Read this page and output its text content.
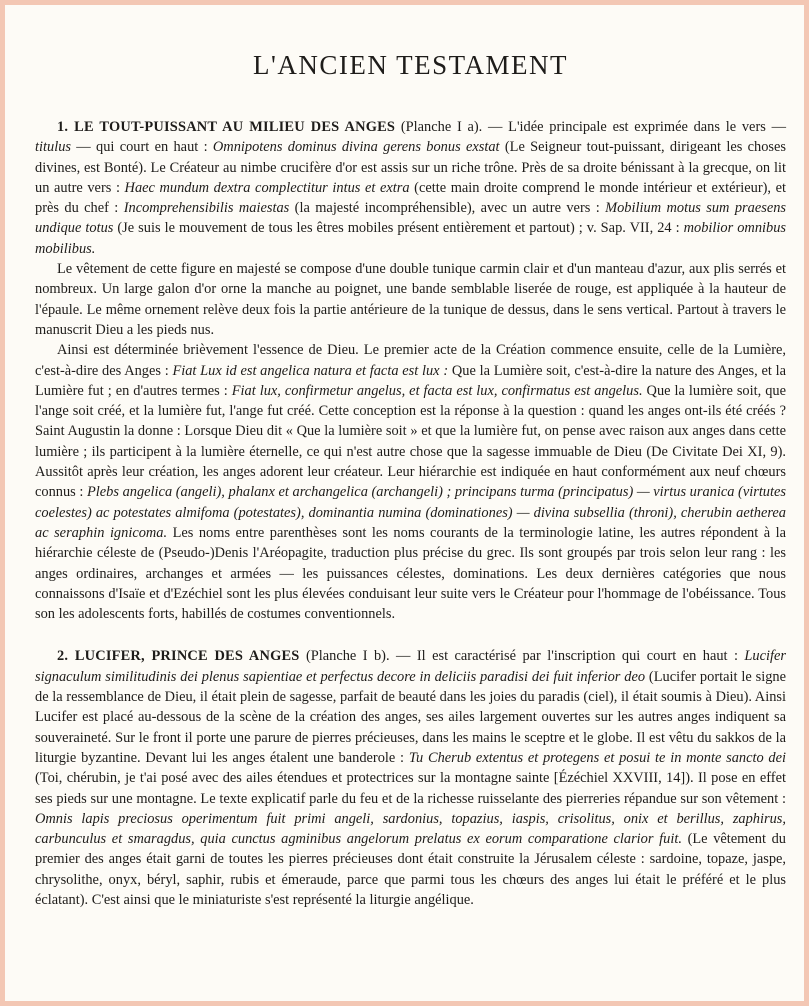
L'ANCIEN TESTAMENT

1. LE TOUT-PUISSANT AU MILIEU DES ANGES (Planche I a). — L'idée principale est exprimée dans le vers — titulus — qui court en haut : Omnipotens dominus divina gerens bonus exstat (Le Seigneur tout-puissant, dirigeant les choses divines, est Bonté). Le Créateur au nimbe crucifère d'or est assis sur un riche trône. Près de sa droite bénissant à la grecque, on lit un autre vers : Haec mundum dextra complectitur intus et extra (cette main droite comprend le monde intérieur et extérieur), et près du chef : Incomprehensibilis maiestas (la majesté incompréhensible), avec un autre vers : Mobilium motus sum praesens undique totus (Je suis le mouvement de tous les êtres mobiles présent entièrement et partout) ; v. Sap. VII, 24 : mobilior omnibus mobilibus.

Le vêtement de cette figure en majesté se compose d'une double tunique carmin clair et d'un manteau d'azur, aux plis serrés et nombreux. Un large galon d'or orne la manche au poignet, une bande semblable liserée de rouge, est appliquée à la hauteur de l'épaule. Le même ornement relève deux fois la partie antérieure de la tunique de dessus, dans le sens vertical. Partout à travers le manuscrit Dieu a les pieds nus.

Ainsi est déterminée brièvement l'essence de Dieu. Le premier acte de la Création commence ensuite, celle de la Lumière, c'est-à-dire des Anges : Fiat Lux id est angelica natura et facta est lux : Que la Lumière soit, c'est-à-dire la nature des Anges, et la Lumière fut ; en d'autres termes : Fiat lux, confirmetur angelus, et facta est lux, confirmatus est angelus. Que la lumière soit, que l'ange soit créé, et la lumière fut, l'ange fut créé. Cette conception est la réponse à la question : quand les anges ont-ils été créés ? Saint Augustin la donne : Lorsque Dieu dit « Que la lumière soit » et que la lumière fut, on pense avec raison aux anges dans cette lumière ; ils participent à la lumière éternelle, ce qui n'est autre chose que la sagesse immuable de Dieu (De Civitate Dei XI, 9). Aussitôt après leur création, les anges adorent leur créateur. Leur hiérarchie est indiquée en haut conformément aux neuf chœurs connus : Plebs angelica (angeli), phalanx et archangelica (archangeli) ; principans turma (principatus) — virtus uranica (virtutes coelestes) ac potestates almifoma (potestates), dominantia numina (dominationes) — divina subsellia (throni), cherubin aetherea ac seraphin ignicoma. Les noms entre parenthèses sont les noms courants de la terminologie latine, les autres répondent à la hiérarchie céleste de (Pseudo-)Denis l'Aréopagite, traduction plus précise du grec. Ils sont groupés par trois selon leur rang : les anges ordinaires, archanges et armées — les puissances célestes, dominations. Les deux dernières catégories que nous connaissons d'Isaïe et d'Ezéchiel sont les plus élevées conduisant leur suite vers le Créateur pour l'hommage de l'obéissance. Tous son les adolescents forts, habillés de costumes conventionnels.

2. LUCIFER, PRINCE DES ANGES (Planche I b). — Il est caractérisé par l'inscription qui court en haut : Lucifer signaculum similitudinis dei plenus sapientiae et perfectus decore in deliciis paradisi dei fuit inferior deo (Lucifer portait le signe de la ressemblance de Dieu, il était plein de sagesse, parfait de beauté dans les joies du paradis (ciel), il était soumis à Dieu). Ainsi Lucifer est placé au-dessous de la scène de la création des anges, ses ailes largement ouvertes sur les autres anges indiquent sa souveraineté. Sur le front il porte une parure de pierres précieuses, dans les mains le sceptre et le globe. Il est vêtu du sakkos de la liturgie byzantine. Devant lui les anges étalent une banderole : Tu Cherub extentus et protegens et posui te in monte sancto dei (Toi, chérubin, je t'ai posé avec des ailes étendues et protectrices sur la montagne sainte [Ézéchiel XXVIII, 14]). Il pose en effet ses pieds sur une montagne. Le texte explicatif parle du feu et de la richesse ruisselante des pierreries répandue sur son vêtement : Omnis lapis preciosus operimentum fuit primi angeli, sardonius, topazius, iaspis, crisolitus, onix et berillus, zaphirus, carbunculus et smaragdus, quia cunctus agminibus angelorum prelatus ex eorum comparatione clarior fuit. (Le vêtement du premier des anges était garni de toutes les pierres précieuses dont était construite la Jérusalem céleste : sardoine, topaze, jaspe, chrysolithe, onyx, béryl, saphir, rubis et émeraude, parce que parmi tous les chœurs des anges lui était le préféré et le plus éclatant). C'est ainsi que le miniaturiste s'est représenté la liturgie angélique.
